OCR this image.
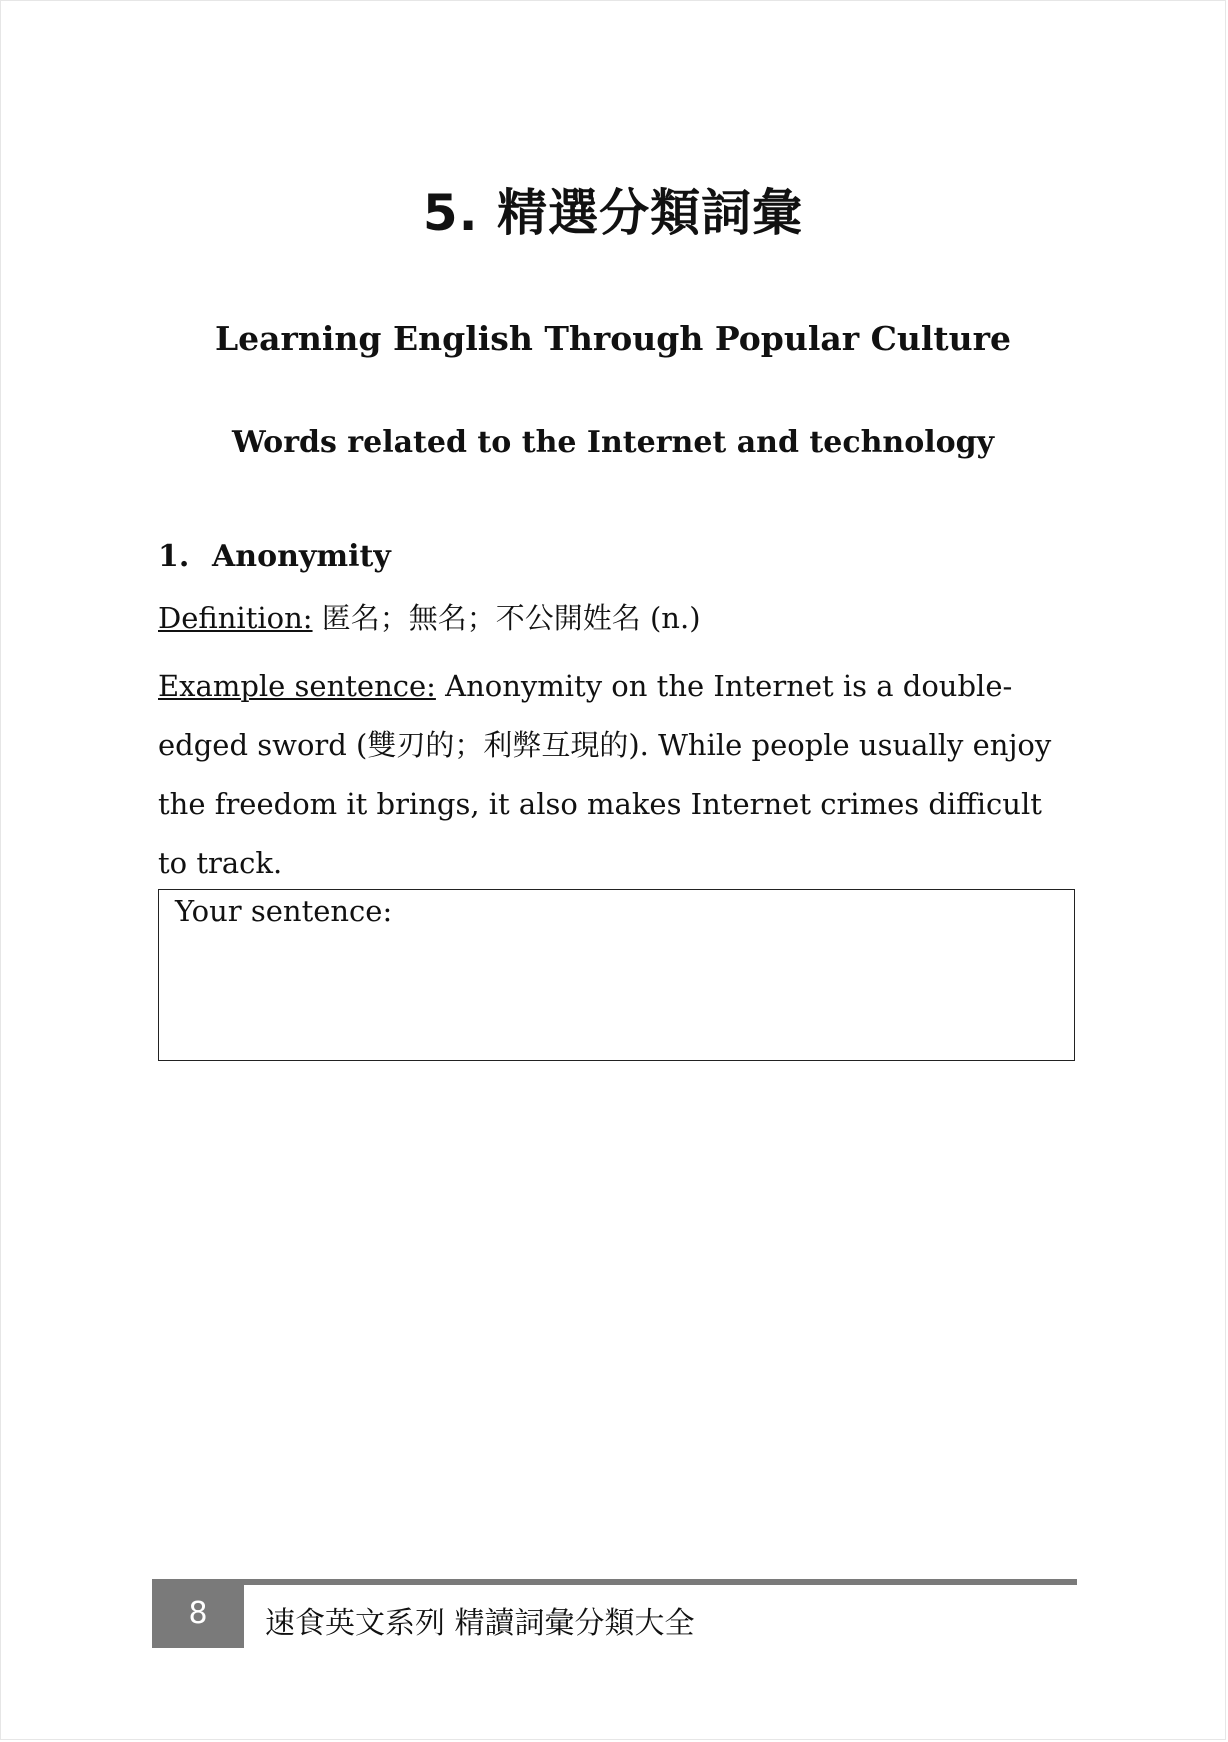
5. 精選分類詞彙
Learning English Through Popular Culture
Words related to the Internet and technology
1. Anonymity
Definition: 匿名；無名；不公開姓名 (n.)
Example sentence: Anonymity on the Internet is a double-edged sword (雙刃的；利弊互現的). While people usually enjoy the freedom it brings, it also makes Internet crimes difficult to track.
Your sentence:
8	速食英文系列 精讀詞彙分類大全
